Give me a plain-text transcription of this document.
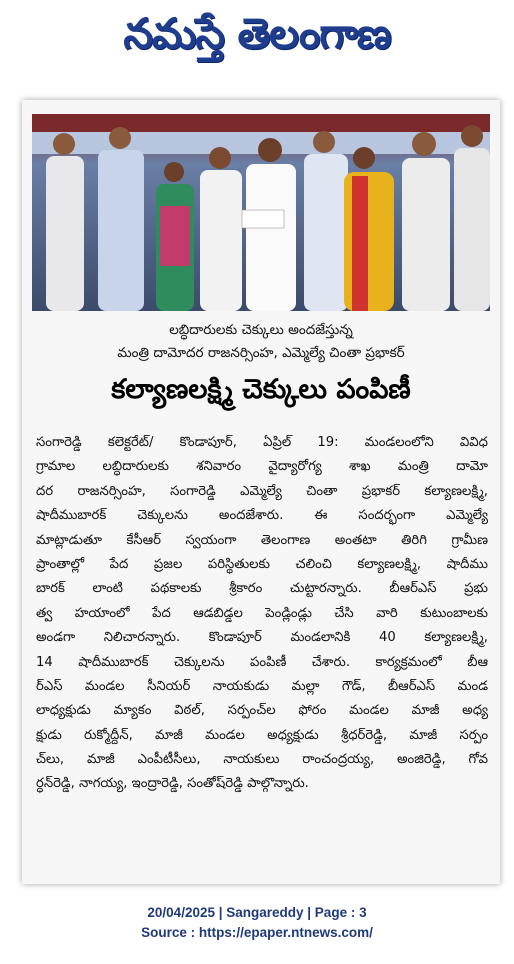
నమస్తే తెలంగాణ
లబ్ధిదారులకు చెక్కులు అందజేస్తున్న
మంత్రి దామోదర రాజనర్సింహ, ఎమ్మెల్యే చింతా ప్రభాకర్
కల్యాణలక్ష్మి చెక్కులు పంపిణీ
సంగారెడ్డి కలెక్టరేట్/ కొండాపూర్, ఏప్రిల్ 19: మండలంలోని వివిధ
గ్రామాల లబ్ధిదారులకు శనివారం వైద్యారోగ్య శాఖ మంత్రి దామో
దర రాజనర్సింహ, సంగారెడ్డి ఎమ్మెల్యే చింతా ప్రభాకర్ కల్యాణలక్ష్మి,
షాదీముబారక్ చెక్కులను అందజేశారు. ఈ సందర్భంగా ఎమ్మెల్యే
మాట్లాడుతూ కేసీఆర్ స్వయంగా తెలంగాణ అంతటా తిరిగి గ్రామీణ
ప్రాంతాల్లో పేద ప్రజల పరిస్థితులకు చలించి కల్యాణలక్ష్మి, షాదీము
బారక్ లాంటి పథకాలకు శ్రీకారం చుట్టారన్నారు. బీఆర్ఎస్ ప్రభు
త్వ హయాంలో పేద ఆడబిడ్డల పెండ్లిండ్లు చేసి వారి కుటుంబాలకు
అండగా నిలిచారన్నారు. కొండాపూర్ మండలానికి 40 కల్యాణలక్ష్మి,
14 షాదీముబారక్ చెక్కులను పంపిణీ చేశారు. కార్యక్రమంలో బీఆ
ర్ఎస్ మండల సీనియర్ నాయకుడు మల్లా గౌడ్, బీఆర్ఎస్ మండ
లాధ్యక్షుడు మ్యాకం విఠల్, సర్పంచ్‌ల ఫోరం మండల మాజీ అధ్య
క్షుడు రుక్మోద్దీన్, మాజీ మండల అధ్యక్షుడు శ్రీధర్‌రెడ్డి, మాజీ సర్పం
చ్‌లు, మాజీ ఎంపీటీసీలు, నాయకులు రాంచంద్రయ్య, అంజిరెడ్డి, గోవ
ర్ధన్‌రెడ్డి, నాగయ్య, ఇంద్రారెడ్డి, సంతోష్‌రెడ్డి పాల్గొన్నారు.
20/04/2025 | Sangareddy | Page : 3
Source : https://epaper.ntnews.com/
